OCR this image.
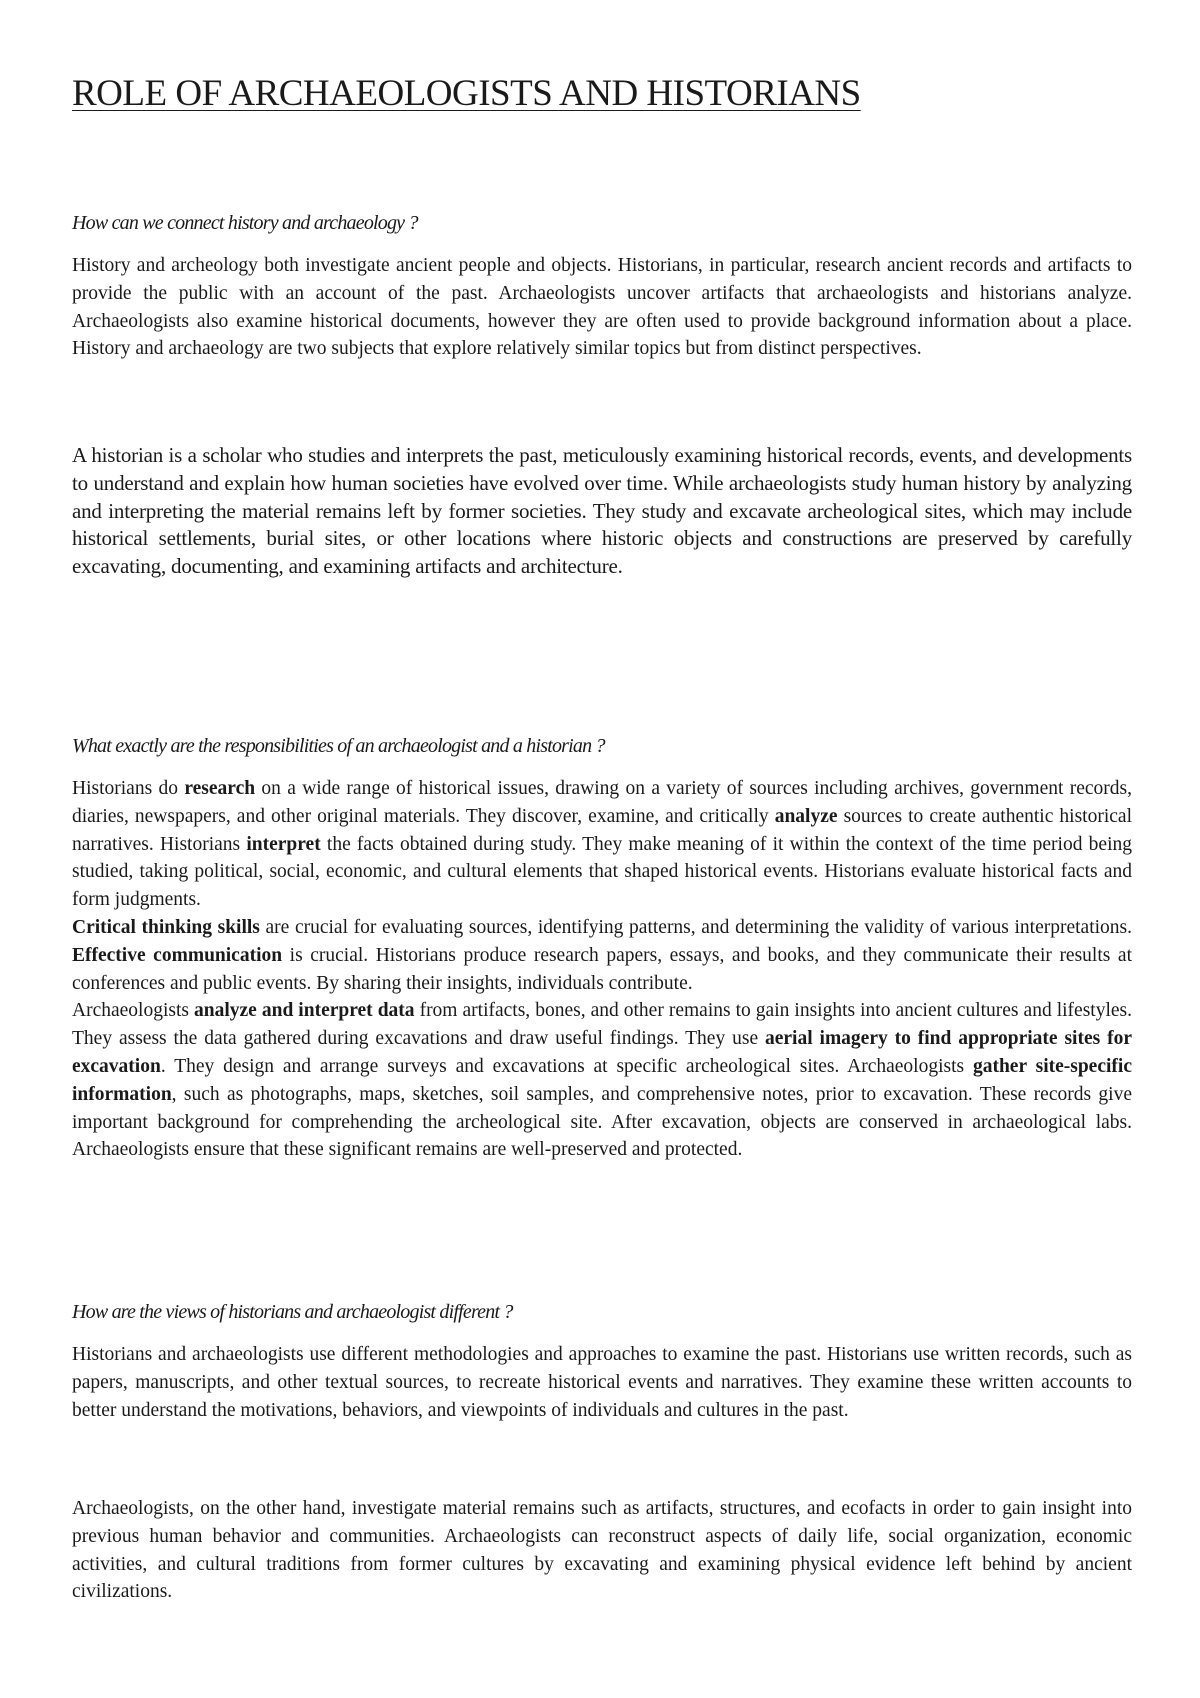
ROLE OF ARCHAEOLOGISTS AND HISTORIANS

How can we connect history and archaeology ?

History and archeology both investigate ancient people and objects. Historians, in particular, research ancient records and artifacts to provide the public with an account of the past. Archaeologists uncover artifacts that archaeologists and historians analyze. Archaeologists also examine historical documents, however they are often used to provide background information about a place. History and archaeology are two subjects that explore relatively similar topics but from distinct perspectives.

A historian is a scholar who studies and interprets the past, meticulously examining historical records, events, and developments to understand and explain how human societies have evolved over time. While archaeologists study human history by analyzing and interpreting the material remains left by former societies. They study and excavate archeological sites, which may include historical settlements, burial sites, or other locations where historic objects and constructions are preserved by carefully excavating, documenting, and examining artifacts and architecture.

What exactly are the responsibilities of an archaeologist and a historian ?

Historians do research on a wide range of historical issues, drawing on a variety of sources including archives, government records, diaries, newspapers, and other original materials. They discover, examine, and critically analyze sources to create authentic historical narratives. Historians interpret the facts obtained during study. They make meaning of it within the context of the time period being studied, taking political, social, economic, and cultural elements that shaped historical events. Historians evaluate historical facts and form judgments.

Critical thinking skills are crucial for evaluating sources, identifying patterns, and determining the validity of various interpretations. Effective communication is crucial. Historians produce research papers, essays, and books, and they communicate their results at conferences and public events. By sharing their insights, individuals contribute.

Archaeologists analyze and interpret data from artifacts, bones, and other remains to gain insights into ancient cultures and lifestyles. They assess the data gathered during excavations and draw useful findings. They use aerial imagery to find appropriate sites for excavation. They design and arrange surveys and excavations at specific archeological sites. Archaeologists gather site-specific information, such as photographs, maps, sketches, soil samples, and comprehensive notes, prior to excavation. These records give important background for comprehending the archeological site. After excavation, objects are conserved in archaeological labs. Archaeologists ensure that these significant remains are well-preserved and protected.

How are the views of historians and archaeologist different ?

Historians and archaeologists use different methodologies and approaches to examine the past. Historians use written records, such as papers, manuscripts, and other textual sources, to recreate historical events and narratives. They examine these written accounts to better understand the motivations, behaviors, and viewpoints of individuals and cultures in the past.

Archaeologists, on the other hand, investigate material remains such as artifacts, structures, and ecofacts in order to gain insight into previous human behavior and communities. Archaeologists can reconstruct aspects of daily life, social organization, economic activities, and cultural traditions from former cultures by excavating and examining physical evidence left behind by ancient civilizations.
